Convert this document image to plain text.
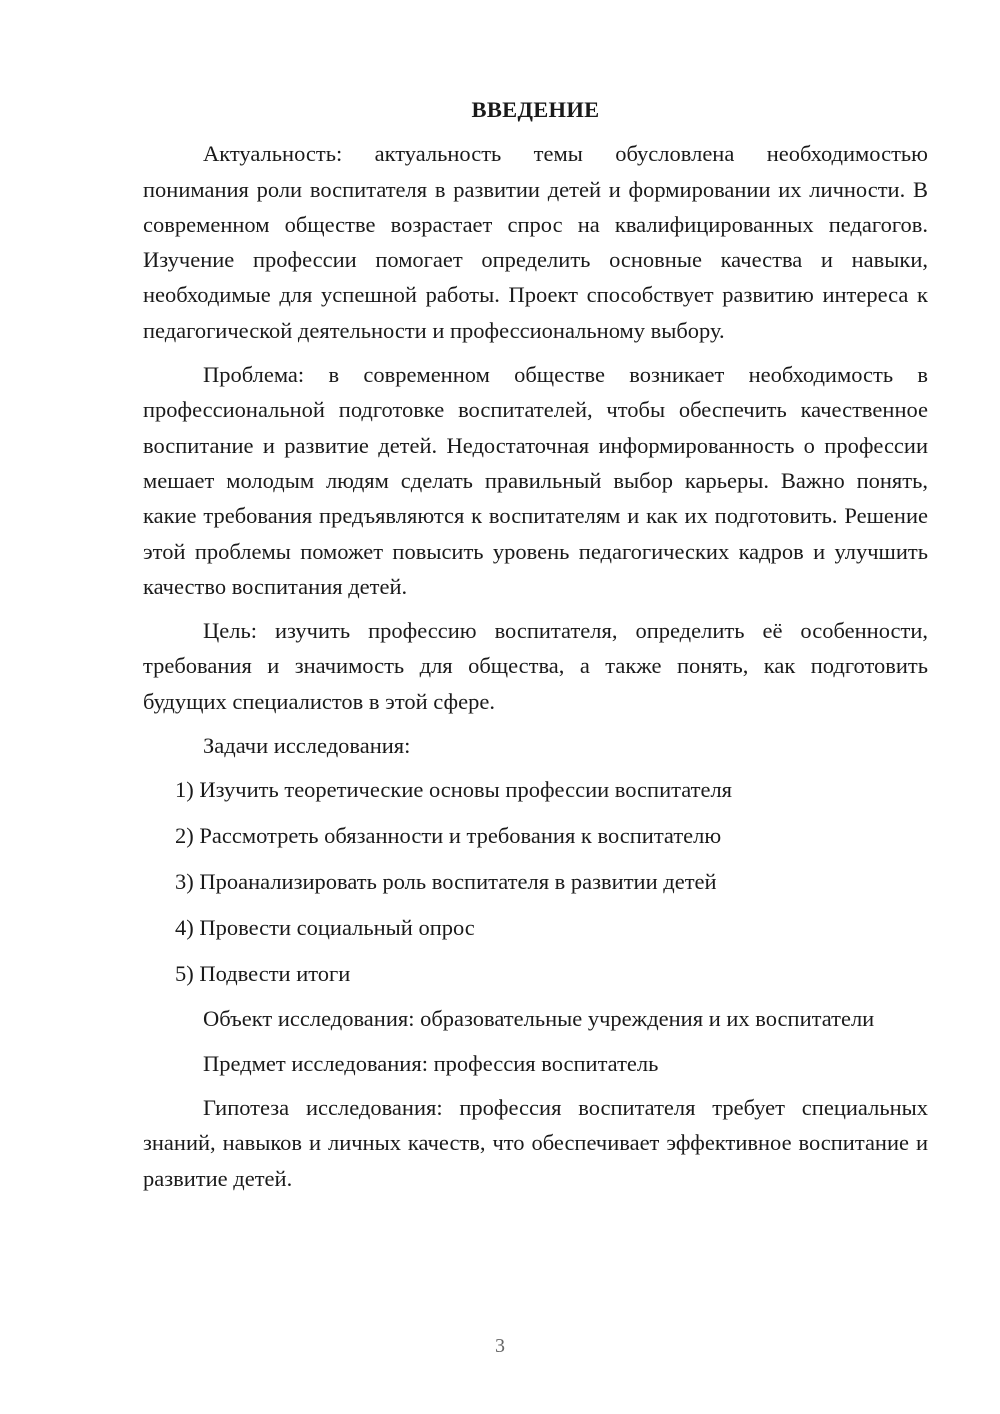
ВВЕДЕНИЕ

Актуальность: актуальность темы обусловлена необходимостью понимания роли воспитателя в развитии детей и формировании их личности. В современном обществе возрастает спрос на квалифицированных педагогов. Изучение профессии помогает определить основные качества и навыки, необходимые для успешной работы. Проект способствует развитию интереса к педагогической деятельности и профессиональному выбору.

Проблема: в современном обществе возникает необходимость в профессиональной подготовке воспитателей, чтобы обеспечить качественное воспитание и развитие детей. Недостаточная информированность о профессии мешает молодым людям сделать правильный выбор карьеры. Важно понять, какие требования предъявляются к воспитателям и как их подготовить. Решение этой проблемы поможет повысить уровень педагогических кадров и улучшить качество воспитания детей.

Цель: изучить профессию воспитателя, определить её особенности, требования и значимость для общества, а также понять, как подготовить будущих специалистов в этой сфере.

Задачи исследования:

1) Изучить теоретические основы профессии воспитателя
2) Рассмотреть обязанности и требования к воспитателю
3) Проанализировать роль воспитателя в развитии детей
4) Провести социальный опрос
5) Подвести итоги

Объект исследования: образовательные учреждения и их воспитатели

Предмет исследования: профессия воспитатель

Гипотеза исследования: профессия воспитателя требует специальных знаний, навыков и личных качеств, что обеспечивает эффективное воспитание и развитие детей.

3
